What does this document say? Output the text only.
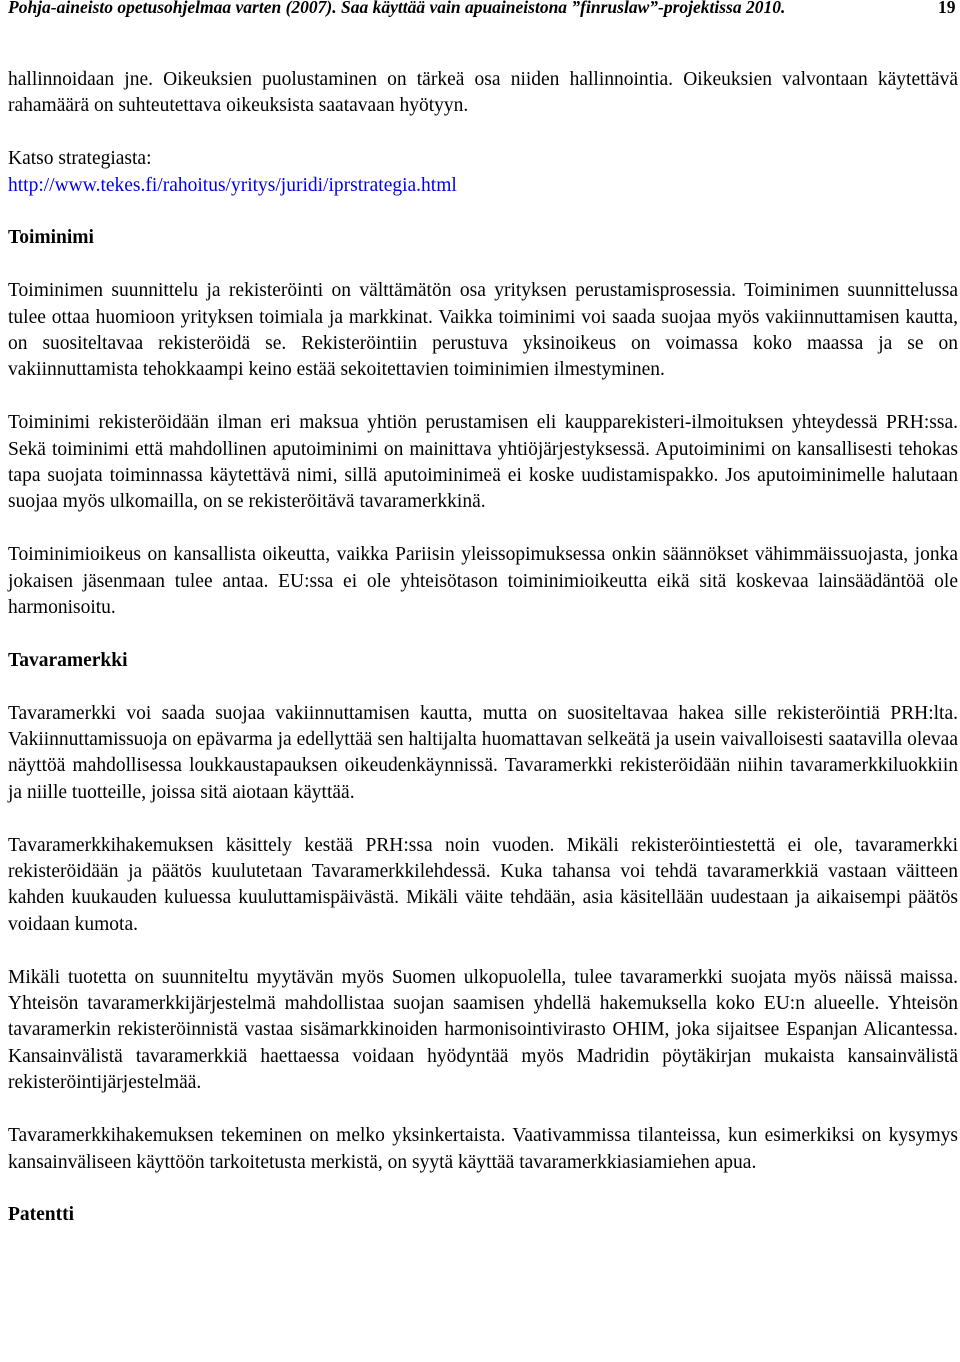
Pohja-aineisto opetusohjelmaa varten (2007). Saa käyttää vain apuaineistona ”finruslaw”-projektissa 2010.	19

hallinnoidaan jne. Oikeuksien puolustaminen on tärkeä osa niiden hallinnointia. Oikeuksien valvontaan käytettävä rahamäärä on suhteutettava oikeuksista saatavaan hyötyyn.

Katso strategiasta:

http://www.tekes.fi/rahoitus/yritys/juridi/iprstrategia.html

Toiminimi

Toiminimen suunnittelu ja rekisteröinti on välttämätön osa yrityksen perustamisprosessia. Toiminimen suunnittelussa tulee ottaa huomioon yrityksen toimiala ja markkinat. Vaikka toiminimi voi saada suojaa myös vakiinnuttamisen kautta, on suositeltavaa rekisteröidä se. Rekisteröintiin perustuva yksinoikeus on voimassa koko maassa ja se on vakiinnuttamista tehokkaampi keino estää sekoitettavien toiminimien ilmestyminen.

Toiminimi rekisteröidään ilman eri maksua yhtiön perustamisen eli kaupparekisteri-ilmoituksen yhteydessä PRH:ssa. Sekä toiminimi että mahdollinen aputoiminimi on mainittava yhtiöjärjestyksessä. Aputoiminimi on kansallisesti tehokas tapa suojata toiminnassa käytettävä nimi, sillä aputoiminimeä ei koske uudistamispakko. Jos aputoiminimelle halutaan suojaa myös ulkomailla, on se rekisteröitävä tavaramerkkinä.

Toiminimioikeus on kansallista oikeutta, vaikka Pariisin yleissopimuksessa onkin säännökset vähimmäissuojasta, jonka jokaisen jäsenmaan tulee antaa. EU:ssa ei ole yhteisötason toiminimioikeutta eikä sitä koskevaa lainsäädäntöä ole harmonisoitu.

Tavaramerkki

Tavaramerkki voi saada suojaa vakiinnuttamisen kautta, mutta on suositeltavaa hakea sille rekisteröintiä PRH:lta. Vakiinnuttamissuoja on epävarma ja edellyttää sen haltijalta huomattavan selkeätä ja usein vaivalloisesti saatavilla olevaa näyttöä mahdollisessa loukkaustapauksen oikeudenkäynnissä. Tavaramerkki rekisteröidään niihin tavaramerkkiluokkiin ja niille tuotteille, joissa sitä aiotaan käyttää.

Tavaramerkkihakemuksen käsittely kestää PRH:ssa noin vuoden. Mikäli rekisteröintiestettä ei ole, tavaramerkki rekisteröidään ja päätös kuulutetaan Tavaramerkkilehdessä. Kuka tahansa voi tehdä tavaramerkkiä vastaan väitteen kahden kuukauden kuluessa kuuluttamispäivästä. Mikäli väite tehdään, asia käsitellään uudestaan ja aikaisempi päätös voidaan kumota.

Mikäli tuotetta on suunniteltu myytävän myös Suomen ulkopuolella, tulee tavaramerkki suojata myös näissä maissa. Yhteisön tavaramerkkijärjestelmä mahdollistaa suojan saamisen yhdellä hakemuksella koko EU:n alueelle. Yhteisön tavaramerkin rekisteröinnistä vastaa sisämarkkinoiden harmonisointivirasto OHIM, joka sijaitsee Espanjan Alicantessa. Kansainvälistä tavaramerkkiä haettaessa voidaan hyödyntää myös Madridin pöytäkirjan mukaista kansainvälistä rekisteröintijärjestelmää.

Tavaramerkkihakemuksen tekeminen on melko yksinkertaista. Vaativammissa tilanteissa, kun esimerkiksi on kysymys kansainväliseen käyttöön tarkoitetusta merkistä, on syytä käyttää tavaramerkkiasiamiehen apua.

Patentti
